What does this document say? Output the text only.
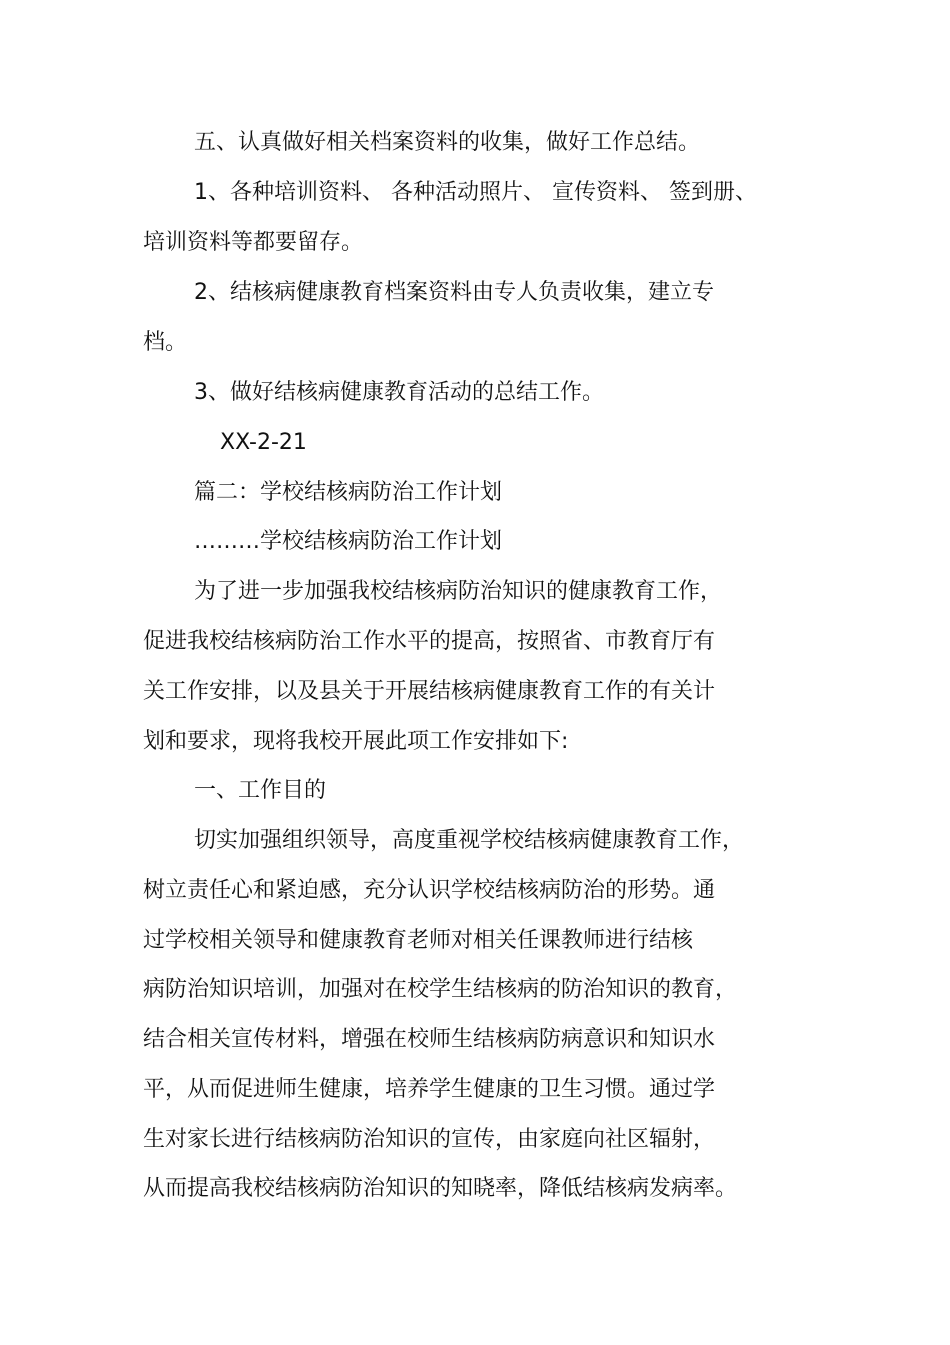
五、认真做好相关档案资料的收集，做好工作总结。
1、各种培训资料、 各种活动照片、 宣传资料、 签到册、
培训资料等都要留存。
2、结核病健康教育档案资料由专人负责收集，建立专
档。
3、做好结核病健康教育活动的总结工作。
XX-2-21
篇二：学校结核病防治工作计划
………学校结核病防治工作计划
为了进一步加强我校结核病防治知识的健康教育工作，
促进我校结核病防治工作水平的提高，按照省、市教育厅有
关工作安排，以及县关于开展结核病健康教育工作的有关计
划和要求，现将我校开展此项工作安排如下:
一、工作目的
切实加强组织领导，高度重视学校结核病健康教育工作，
树立责任心和紧迫感，充分认识学校结核病防治的形势。通
过学校相关领导和健康教育老师对相关任课教师进行结核
病防治知识培训，加强对在校学生结核病的防治知识的教育，
结合相关宣传材料，增强在校师生结核病防病意识和知识水
平，从而促进师生健康，培养学生健康的卫生习惯。通过学
生对家长进行结核病防治知识的宣传，由家庭向社区辐射，
从而提高我校结核病防治知识的知晓率，降低结核病发病率。
